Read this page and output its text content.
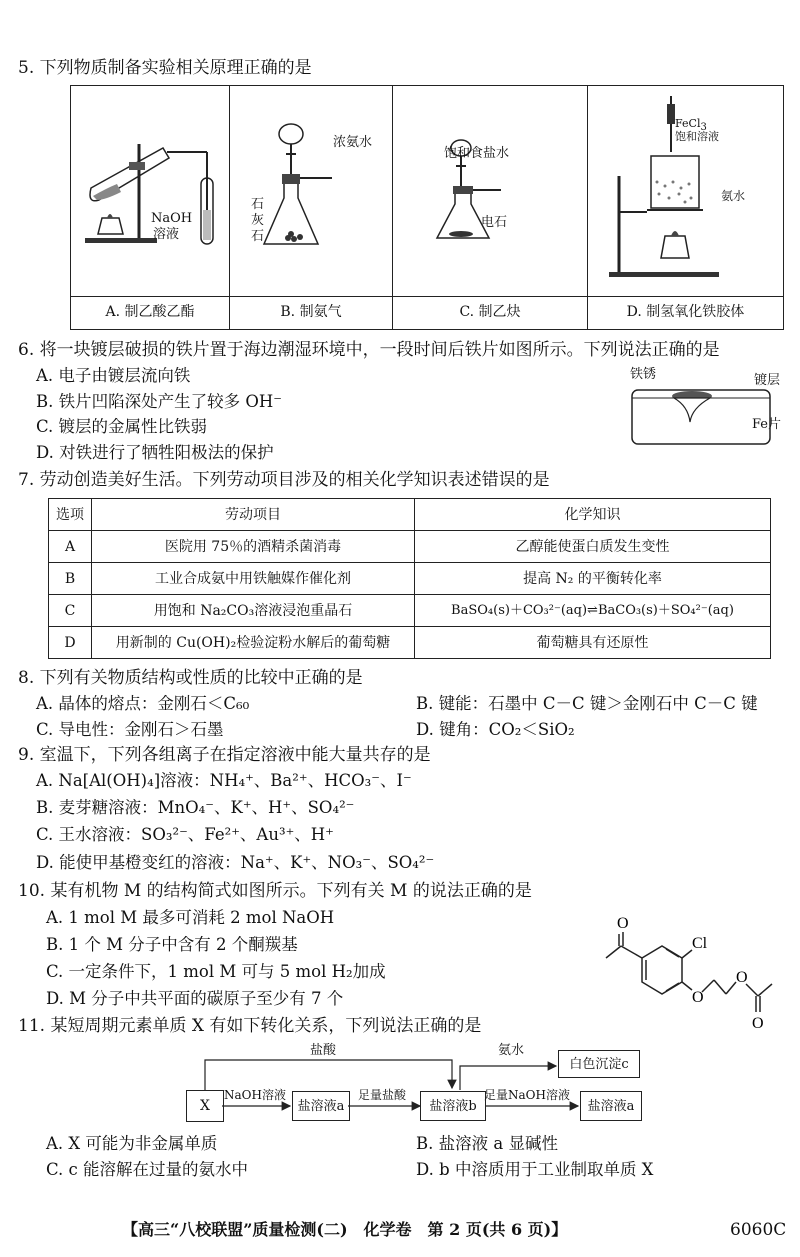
5. 下列物质制备实验相关原理正确的是
A. 制乙酸乙酯	B. 制氨气	C. 制乙炔	D. 制氢氧化铁胶体
NaOH
溶液
浓氨水
石
灰
石
饱和食盐水
电石
FeCl$_3$
饱和溶液
氨水
6. 将一块镀层破损的铁片置于海边潮湿环境中，一段时间后铁片如图所示。下列说法正确的是
A. 电子由镀层流向铁
B. 铁片凹陷深处产生了较多 OH⁻
C. 镀层的金属性比铁弱
D. 对铁进行了牺牲阳极法的保护
铁锈	镀层
Fe片
7. 劳动创造美好生活。下列劳动项目涉及的相关化学知识表述错误的是
选项	劳动项目	化学知识
A	医院用 75％的酒精杀菌消毒	乙醇能使蛋白质发生变性
B	工业合成氨中用铁触媒作催化剂	提高 N₂ 的平衡转化率
C	用饱和 Na₂CO₃溶液浸泡重晶石	BaSO₄(s)＋CO₃²⁻(aq)⇌BaCO₃(s)＋SO₄²⁻(aq)
D	用新制的 Cu(OH)₂检验淀粉水解后的葡萄糖	葡萄糖具有还原性
8. 下列有关物质结构或性质的比较中正确的是
A. 晶体的熔点：金刚石＜C₆₀	B. 键能：石墨中 C－C 键＞金刚石中 C－C 键
C. 导电性：金刚石＞石墨	D. 键角：CO₂＜SiO₂
9. 室温下，下列各组离子在指定溶液中能大量共存的是
A. Na[Al(OH)₄]溶液：NH₄⁺、Ba²⁺、HCO₃⁻、I⁻
B. 麦芽糖溶液：MnO₄⁻、K⁺、H⁺、SO₄²⁻
C. 王水溶液：SO₃²⁻、Fe²⁺、Au³⁺、H⁺
D. 能使甲基橙变红的溶液：Na⁺、K⁺、NO₃⁻、SO₄²⁻
10. 某有机物 M 的结构简式如图所示。下列有关 M 的说法正确的是
A. 1 mol M 最多可消耗 2 mol NaOH
B. 1 个 M 分子中含有 2 个酮羰基
C. 一定条件下，1 mol M 可与 5 mol H₂加成
D. M 分子中共平面的碳原子至少有 7 个
O
Cl
O
O
O
11. 某短周期元素单质 X 有如下转化关系，下列说法正确的是
X	盐溶液a	盐溶液b
白色沉淀c
盐溶液a
盐酸
NaOH溶液	足量盐酸
氨水
足量NaOH溶液
A. X 可能为非金属单质	B. 盐溶液 a 显碱性
C. c 能溶解在过量的氨水中	D. b 中溶质用于工业制取单质 X
【高三“八校联盟”质量检测(二)　化学卷　第 2 页(共 6 页)】	6060C
